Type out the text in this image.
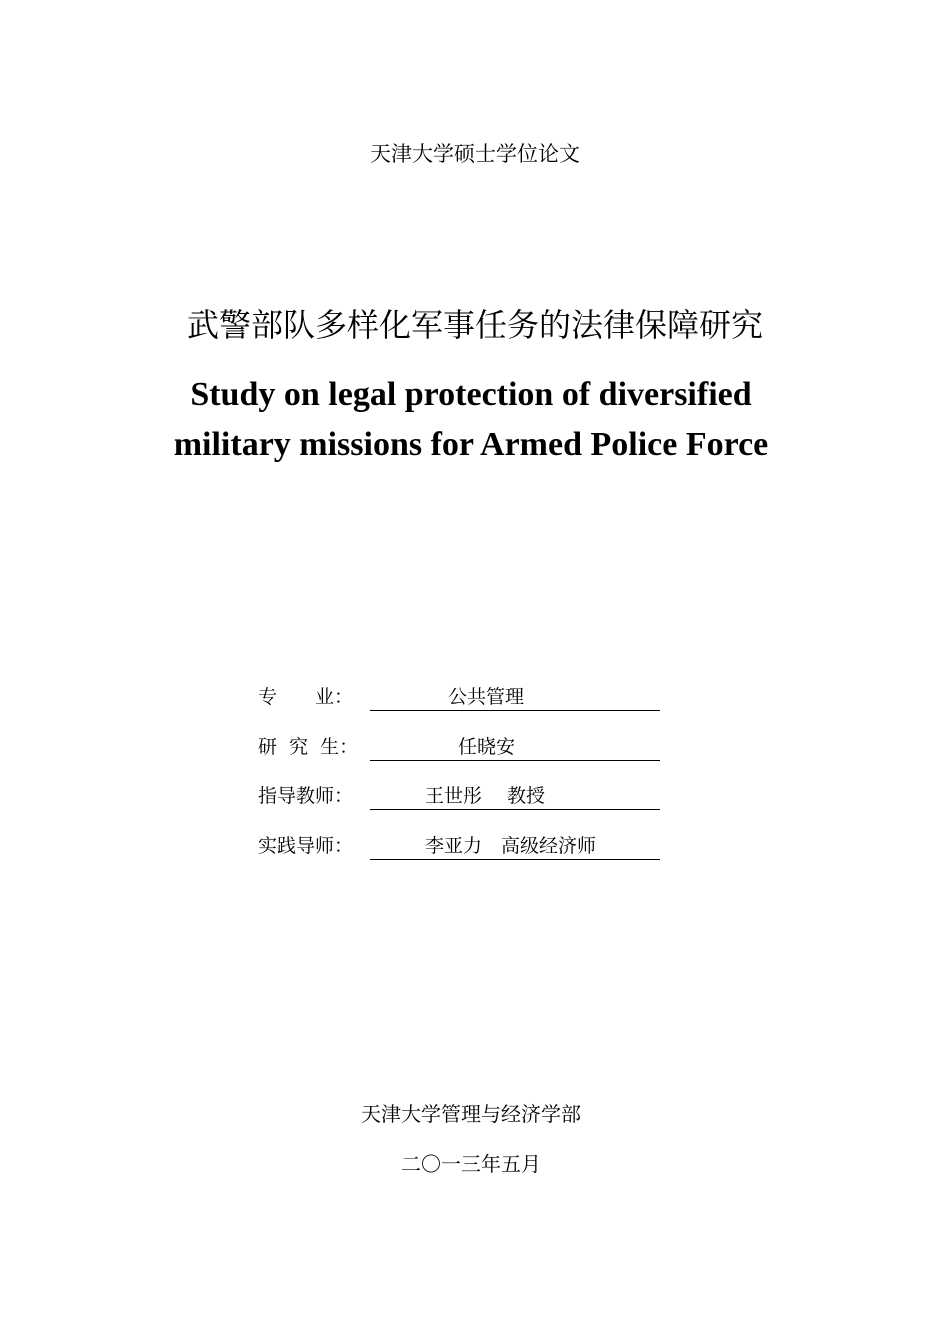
天津大学硕士学位论文
武警部队多样化军事任务的法律保障研究
Study on legal protection of diversified
military missions for Armed Police Force
专　　业：	公共管理
研  究  生：	任晓安
指导教师：	王世彤　 教授
实践导师：	李亚力　高级经济师
天津大学管理与经济学部
二〇一三年五月
